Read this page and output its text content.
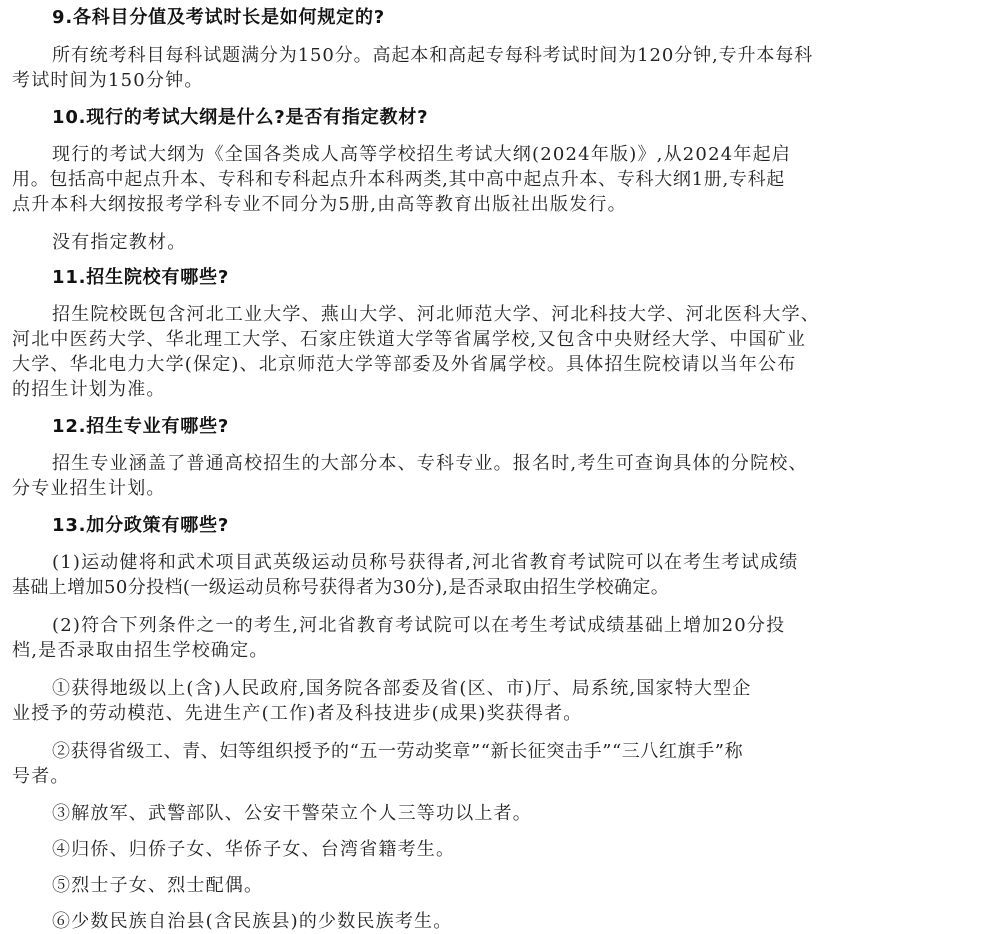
9.各科目分值及考试时长是如何规定的?
所有统考科目每科试题满分为150分。高起本和高起专每科考试时间为120分钟,专升本每科
考试时间为150分钟。
10.现行的考试大纲是什么?是否有指定教材?
现行的考试大纲为《全国各类成人高等学校招生考试大纲(2024年版)》,从2024年起启
用。包括高中起点升本、专科和专科起点升本科两类,其中高中起点升本、专科大纲1册,专科起
点升本科大纲按报考学科专业不同分为5册,由高等教育出版社出版发行。
没有指定教材。
11.招生院校有哪些?
招生院校既包含河北工业大学、燕山大学、河北师范大学、河北科技大学、河北医科大学、
河北中医药大学、华北理工大学、石家庄铁道大学等省属学校,又包含中央财经大学、中国矿业
大学、华北电力大学(保定)、北京师范大学等部委及外省属学校。具体招生院校请以当年公布
的招生计划为准。
12.招生专业有哪些?
招生专业涵盖了普通高校招生的大部分本、专科专业。报名时,考生可查询具体的分院校、
分专业招生计划。
13.加分政策有哪些?
(1)运动健将和武术项目武英级运动员称号获得者,河北省教育考试院可以在考生考试成绩
基础上增加50分投档(一级运动员称号获得者为30分),是否录取由招生学校确定。
(2)符合下列条件之一的考生,河北省教育考试院可以在考生考试成绩基础上增加20分投
档,是否录取由招生学校确定。
①获得地级以上(含)人民政府,国务院各部委及省(区、市)厅、局系统,国家特大型企
业授予的劳动模范、先进生产(工作)者及科技进步(成果)奖获得者。
②获得省级工、青、妇等组织授予的“五一劳动奖章”“新长征突击手”“三八红旗手”称
号者。
③解放军、武警部队、公安干警荣立个人三等功以上者。
④归侨、归侨子女、华侨子女、台湾省籍考生。
⑤烈士子女、烈士配偶。
⑥少数民族自治县(含民族县)的少数民族考生。
